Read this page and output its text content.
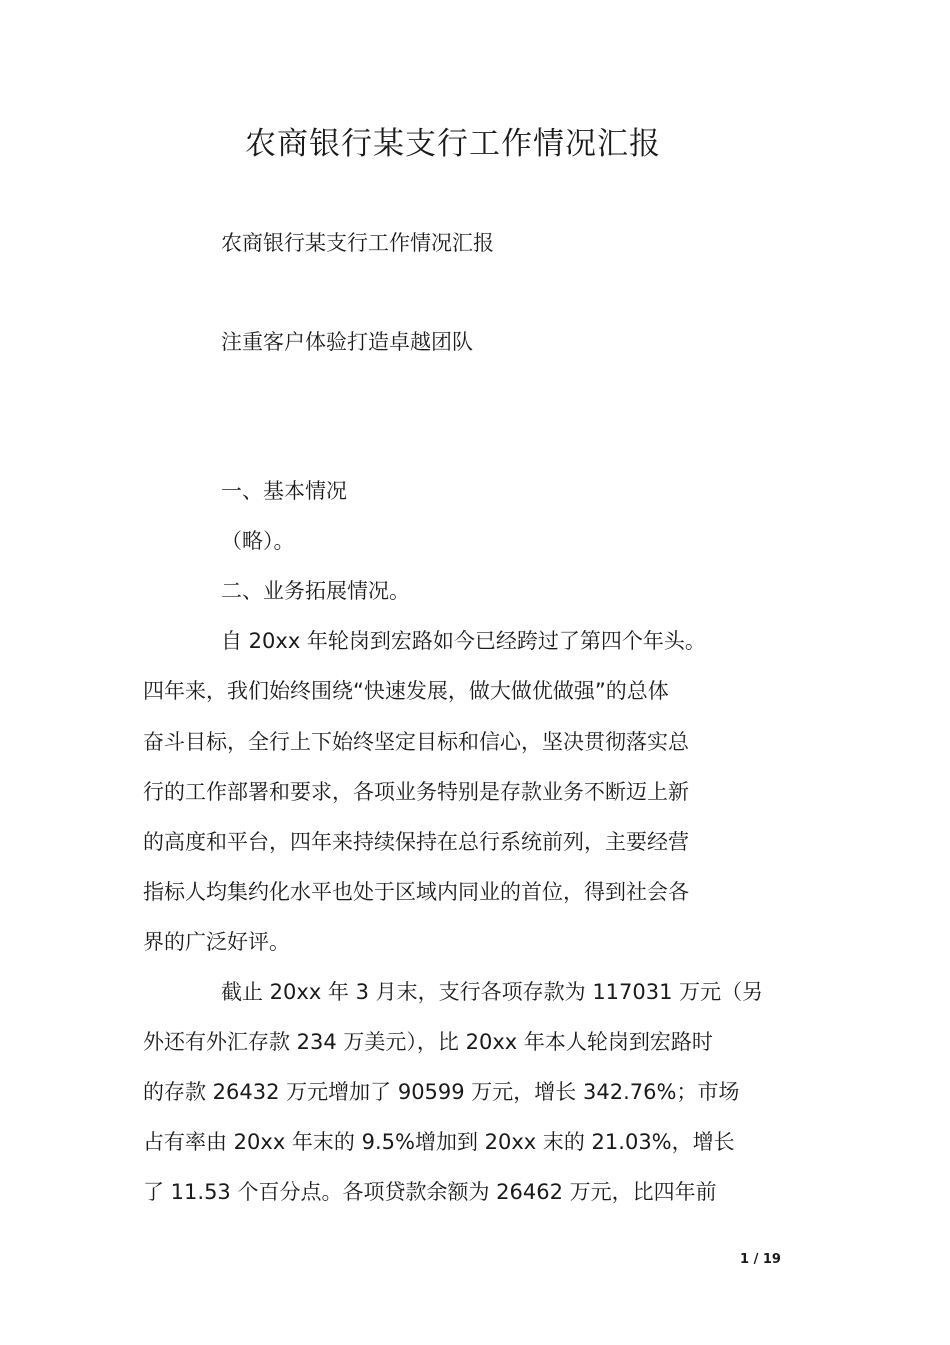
农商银行某支行工作情况汇报
农商银行某支行工作情况汇报
注重客户体验打造卓越团队
一、基本情况
（略）。
二、业务拓展情况。
自 20xx 年轮岗到宏路如今已经跨过了第四个年头。
四年来，我们始终围绕“快速发展，做大做优做强”的总体
奋斗目标，全行上下始终坚定目标和信心，坚决贯彻落实总
行的工作部署和要求，各项业务特别是存款业务不断迈上新
的高度和平台，四年来持续保持在总行系统前列，主要经营
指标人均集约化水平也处于区域内同业的首位，得到社会各
界的广泛好评。
截止 20xx 年 3 月末，支行各项存款为 117031 万元（另
外还有外汇存款 234 万美元），比 20xx 年本人轮岗到宏路时
的存款 26432 万元增加了 90599 万元，增长 342.76%；市场
占有率由 20xx 年末的 9.5%增加到 20xx 末的 21.03%，增长
了 11.53 个百分点。各项贷款余额为 26462 万元，比四年前
1 / 19
